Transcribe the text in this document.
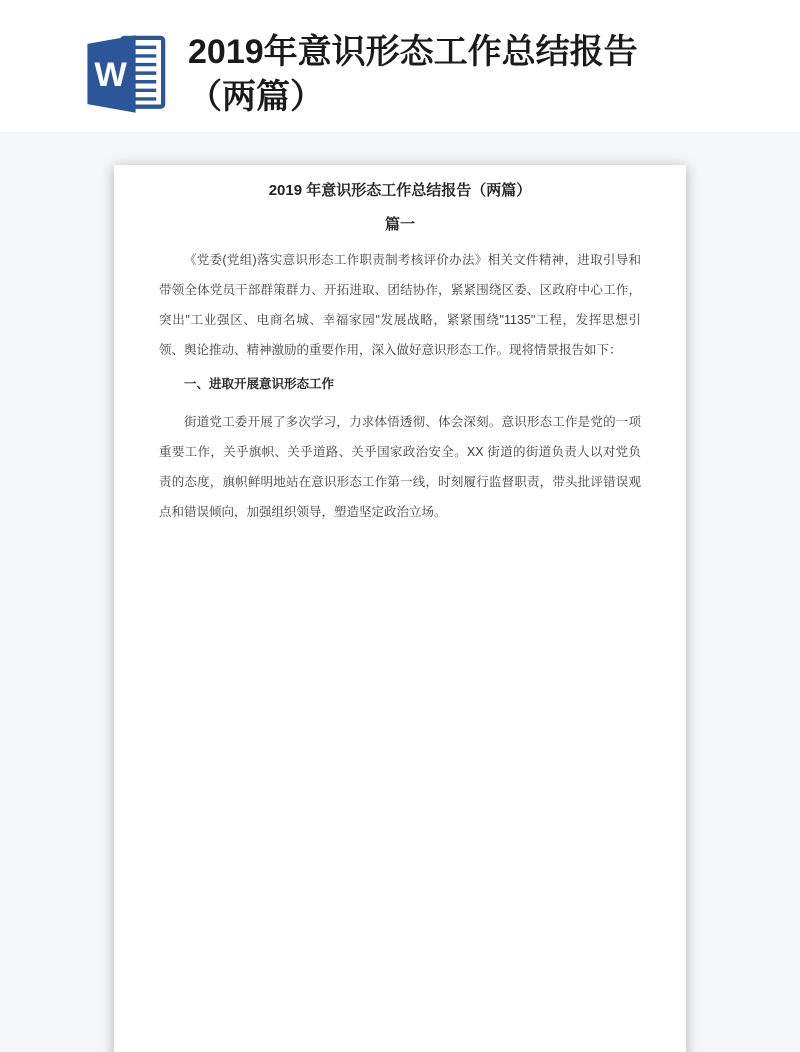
W
2019年意识形态工作总结报告（两篇）
2019 年意识形态工作总结报告（两篇）
篇一

《党委(党组)落实意识形态工作职责制考核评价办法》相关文件精神，进取引导和带领全体党员干部群策群力、开拓进取、团结协作，紧紧围绕区委、区政府中心工作，突出"工业强区、电商名城、幸福家园"发展战略，紧紧围绕"1135"工程，发挥思想引领、舆论推动、精神激励的重要作用，深入做好意识形态工作。现将情景报告如下：

一、进取开展意识形态工作

街道党工委开展了多次学习，力求体悟透彻、体会深刻。意识形态工作是党的一项重要工作，关乎旗帜、关乎道路、关乎国家政治安全。XX 街道的街道负责人以对党负责的态度，旗帜鲜明地站在意识形态工作第一线，时刻履行监督职责，带头批评错误观点和错误倾向，加强组织领导，塑造坚定政治立场。
